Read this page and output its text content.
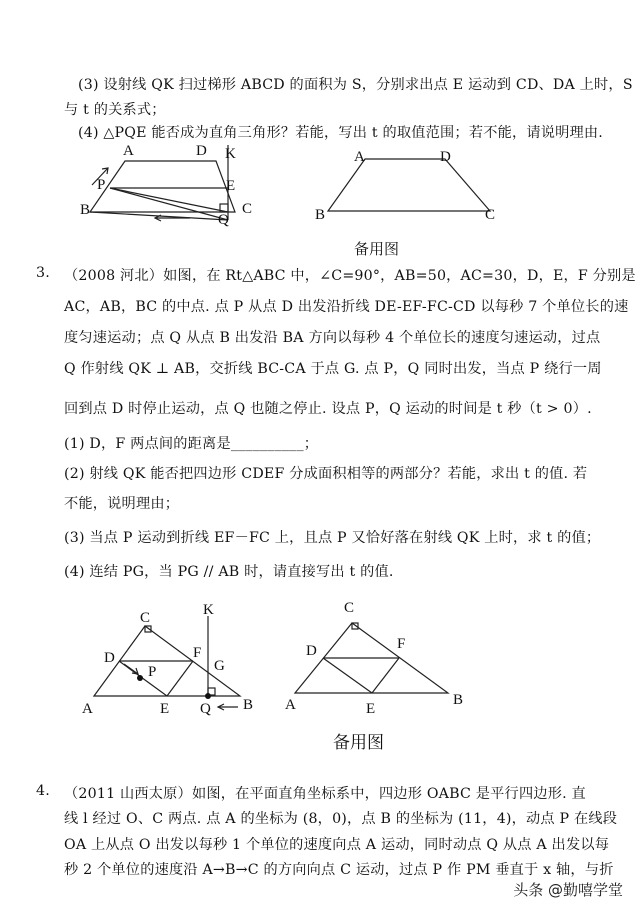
(3) 设射线 QK 扫过梯形 ABCD 的面积为 S，分别求出点 E 运动到 CD、DA 上时，S
与 t 的关系式；
(4) △PQE 能否成为直角三角形？若能，写出 t 的取值范围；若不能，请说明理由.
A	D K
P	E
B
Q
C
A	D
B	C
备用图
3. （2008 河北）如图，在 Rt△ABC 中，∠C=90°，AB=50，AC=30，D，E，F 分别是
AC，AB，BC 的中点. 点 P 从点 D 出发沿折线 DE-EF-FC-CD 以每秒 7 个单位长的速
度匀速运动；点 Q 从点 B 出发沿 BA 方向以每秒 4 个单位长的速度匀速运动，过点
Q 作射线 QK ⊥ AB，交折线 BC-CA 于点 G. 点 P，Q 同时出发，当点 P 绕行一周
回到点 D 时停止运动，点 Q 也随之停止. 设点 P，Q 运动的时间是 t 秒（t > 0）.
(1) D，F 两点间的距离是__________；
(2) 射线 QK 能否把四边形 CDEF 分成面积相等的两部分？若能，求出 t 的值. 若
不能，说明理由；
(3) 当点 P 运动到折线 EF－FC 上，且点 P 又恰好落在射线 QK 上时，求 t 的值；
(4) 连结 PG，当 PG // AB 时，请直接写出 t 的值.
C	K
D	F
G
P
A	E Q B
C
D	F
A	E
B
备用图
4. （2011 山西太原）如图，在平面直角坐标系中，四边形 OABC 是平行四边形. 直
线 l 经过 O、C 两点. 点 A 的坐标为 (8，0)，点 B 的坐标为 (11，4)，动点 P 在线段
OA 上从点 O 出发以每秒 1 个单位的速度向点 A 运动，同时动点 Q 从点 A 出发以每
秒 2 个单位的速度沿 A→B→C 的方向向点 C 运动，过点 P 作 PM 垂直于 x 轴，与折
头条 @勤嘻学堂
